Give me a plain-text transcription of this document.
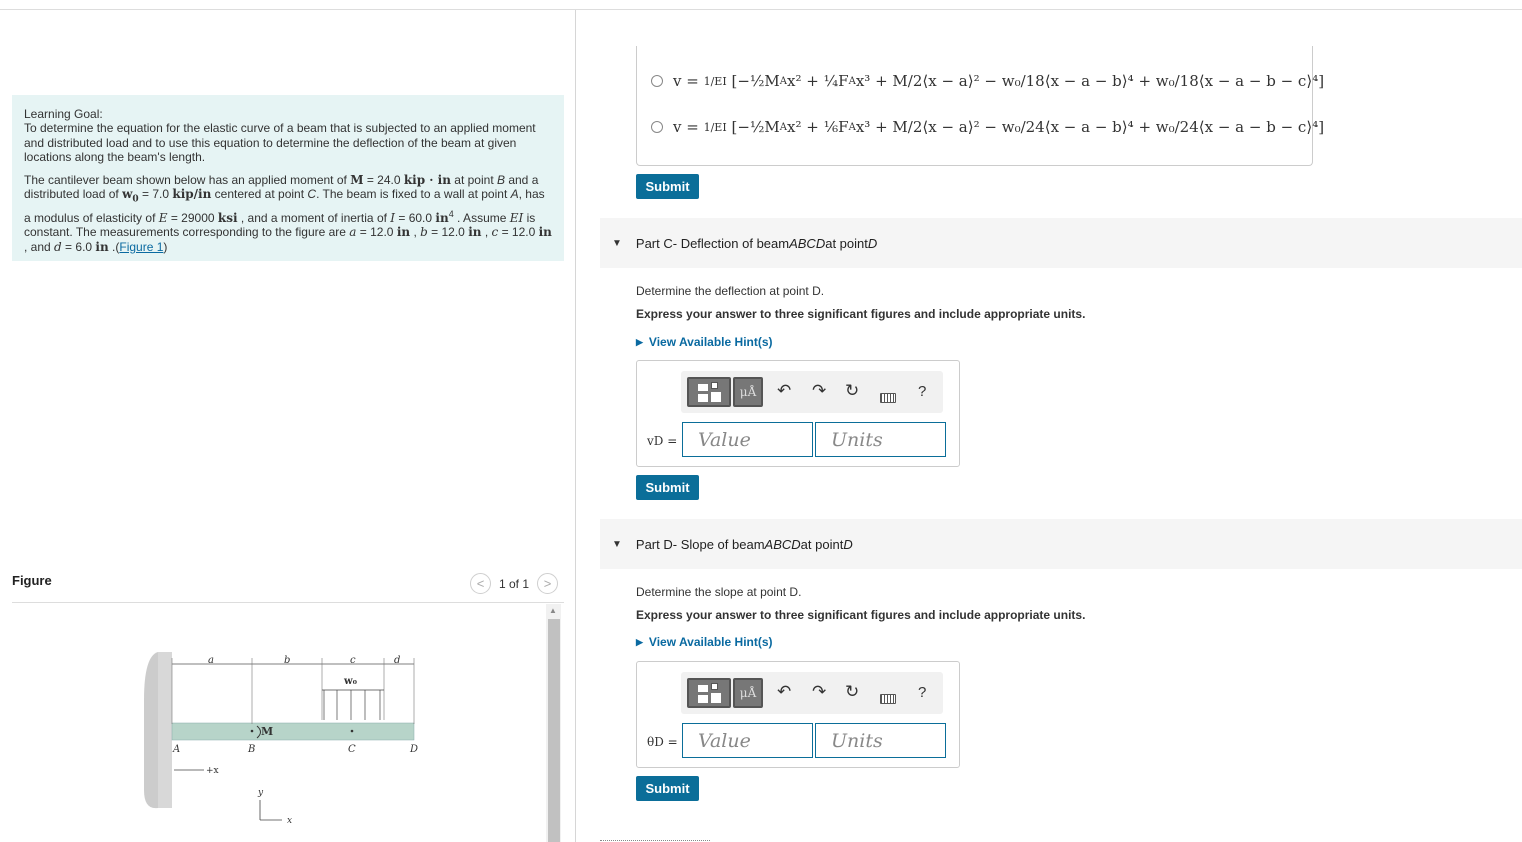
Learning Goal:

To determine the equation for the elastic curve of a beam that is subjected to an applied moment and distributed load and to use this equation to determine the deflection of the beam at given locations along the beam's length.

The cantilever beam shown below has an applied moment of M = 24.0 kip · in at point B and a distributed load of $w_0 = 7.0$ kip/in centered at point C. The beam is fixed to a wall at point A, has a modulus of elasticity of E = 29000 ksi , and a moment of inertia of I = 60.0 $in^4$ . Assume EI is constant. The measurements corresponding to the figure are a = 12.0 in , b = 12.0 in , c = 12.0 in , and d = 6.0 in .(Figure 1)

Figure	<	1 of 1	>
▲
a	b	c	d
w₀
M
A	B	C	D
+x
y
x
v =
1/EI [ −½M A x²
+ ¼F A x³
+ M/2⟨x − a⟩²
− w₀/18⟨x − a − b⟩⁴
+ w₀/18⟨x − a − b − c⟩⁴ ]
v =
1/EI [ −½M A x²
+ ⅙F A x³
+ M/2⟨x − a⟩²
− w₀/24⟨x − a − b⟩⁴
+ w₀/24⟨x − a − b − c⟩⁴ ]
Submit
▼ Part C - Deflection of beam ABCD at point D
Determine the deflection at point D.
Express your answer to three significant figures and include appropriate units.
▶ View Available Hint(s)
μÅ	↶ ↷ ↻	?
vD =	Value	Units
Submit
▼ Part D - Slope of beam ABCD at point D
Determine the slope at point D.
Express your answer to three significant figures and include appropriate units.
▶ View Available Hint(s)
μÅ	↶ ↷ ↻	?
θD =	Value	Units
Submit
